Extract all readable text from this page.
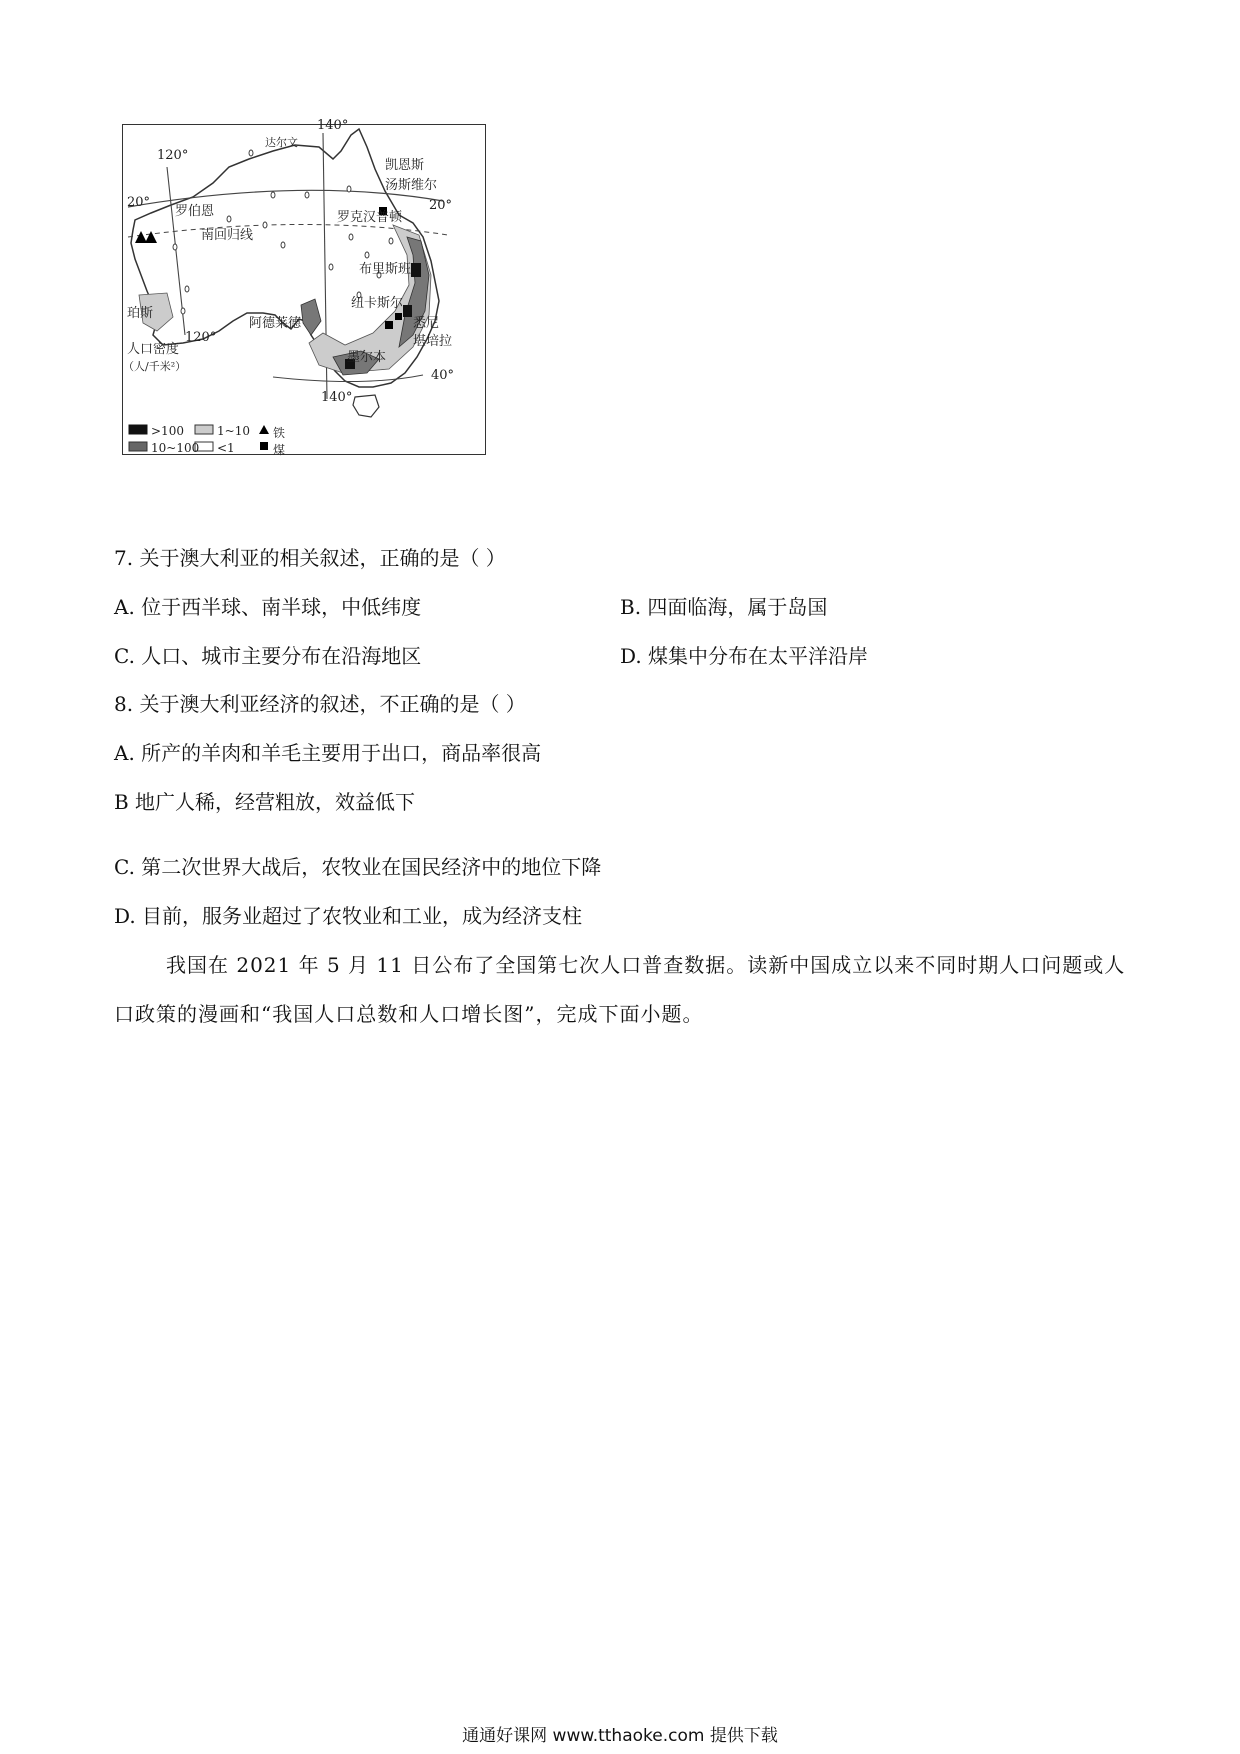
140°
120°
达尔文
凯恩斯
汤斯维尔
20°
罗伯恩	罗克汉普顿
20°
南回归线
布里斯班
纽卡斯尔
珀斯
阿德莱德	悉尼
堪培拉
120°
墨尔本
人口密度
（人/千米²）
40°
140°
>100	1~10 铁
10~100 <1	煤
7. 关于澳大利亚的相关叙述，正确的是（ ）
A. 位于西半球、南半球，中低纬度	B. 四面临海，属于岛国
C. 人口、城市主要分布在沿海地区	D. 煤集中分布在太平洋沿岸
8. 关于澳大利亚经济的叙述，不正确的是（ ）
A. 所产的羊肉和羊毛主要用于出口，商品率很高
B 地广人稀，经营粗放，效益低下
C. 第二次世界大战后，农牧业在国民经济中的地位下降
D. 目前，服务业超过了农牧业和工业，成为经济支柱
我国在 2021 年 5 月 11 日公布了全国第七次人口普查数据。读新中国成立以来不同时期人口问题或人
口政策的漫画和“我国人口总数和人口增长图”，完成下面小题。
通通好课网 www.tthaoke.com 提供下载
